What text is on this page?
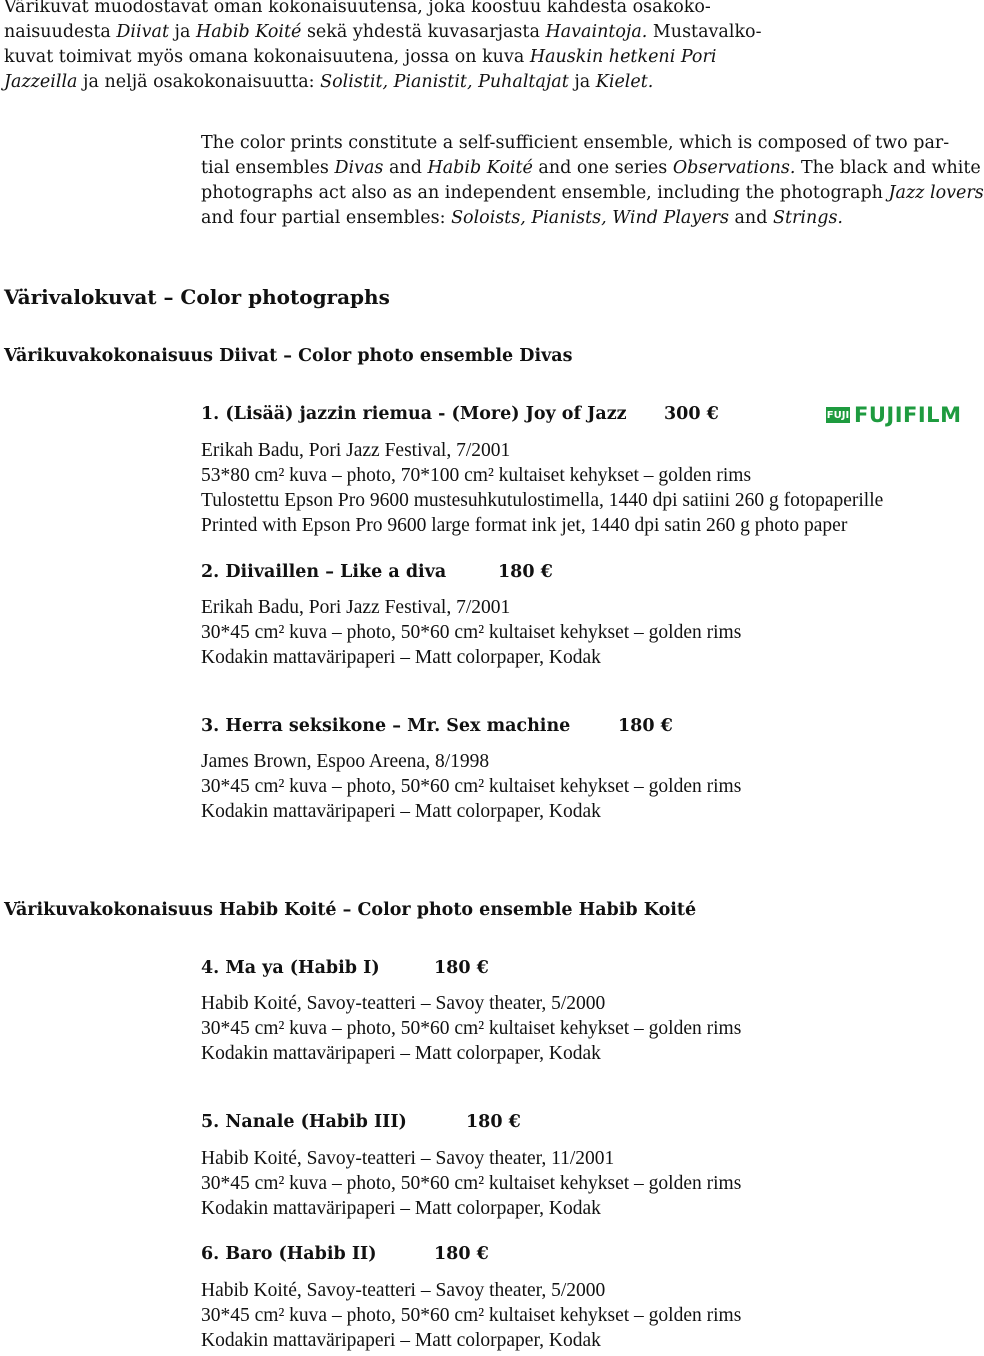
Värikuvat muodostavat oman kokonaisuutensa, joka koostuu kahdesta osakoko-
naisuudesta Diivat ja Habib Koité sekä yhdestä kuvasarjasta Havaintoja. Mustavalko-
kuvat toimivat myös omana kokonaisuutena, jossa on kuva Hauskin hetkeni Pori
Jazzeilla ja neljä osakokonaisuutta: Solistit, Pianistit, Puhaltajat ja Kielet.
The color prints constitute a self-sufficient ensemble, which is composed of two par-
tial ensembles Divas and Habib Koité and one series Observations. The black and white
photographs act also as an independent ensemble, including the photograph Jazz lovers
and four partial ensembles: Soloists, Pianists, Wind Players and Strings.
Värivalokuvat – Color photographs
Värikuvakokonaisuus Diivat – Color photo ensemble Divas
FUJI FUJIFILM
1. (Lisää) jazzin riemua - (More) Joy of Jazz 300 €
Erikah Badu, Pori Jazz Festival, 7/2001
53*80 cm² kuva – photo, 70*100 cm² kultaiset kehykset – golden rims
Tulostettu Epson Pro 9600 mustesuhkutulostimella, 1440 dpi satiini 260 g fotopaperille
Printed with Epson Pro 9600 large format ink jet, 1440 dpi satin 260 g photo paper
2. Diivaillen – Like a diva	180 €
Erikah Badu, Pori Jazz Festival, 7/2001
30*45 cm² kuva – photo, 50*60 cm² kultaiset kehykset – golden rims
Kodakin mattaväripaperi – Matt colorpaper, Kodak
3. Herra seksikone – Mr. Sex machine	180 €
James Brown, Espoo Areena, 8/1998
30*45 cm² kuva – photo, 50*60 cm² kultaiset kehykset – golden rims
Kodakin mattaväripaperi – Matt colorpaper, Kodak
Värikuvakokonaisuus Habib Koité – Color photo ensemble Habib Koité
4. Ma ya (Habib I)	180 €
Habib Koité, Savoy-teatteri – Savoy theater, 5/2000
30*45 cm² kuva – photo, 50*60 cm² kultaiset kehykset – golden rims
Kodakin mattaväripaperi – Matt colorpaper, Kodak
5. Nanale (Habib III)	180 €
Habib Koité, Savoy-teatteri – Savoy theater, 11/2001
30*45 cm² kuva – photo, 50*60 cm² kultaiset kehykset – golden rims
Kodakin mattaväripaperi – Matt colorpaper, Kodak
6. Baro (Habib II)	180 €
Habib Koité, Savoy-teatteri – Savoy theater, 5/2000
30*45 cm² kuva – photo, 50*60 cm² kultaiset kehykset – golden rims
Kodakin mattaväripaperi – Matt colorpaper, Kodak
